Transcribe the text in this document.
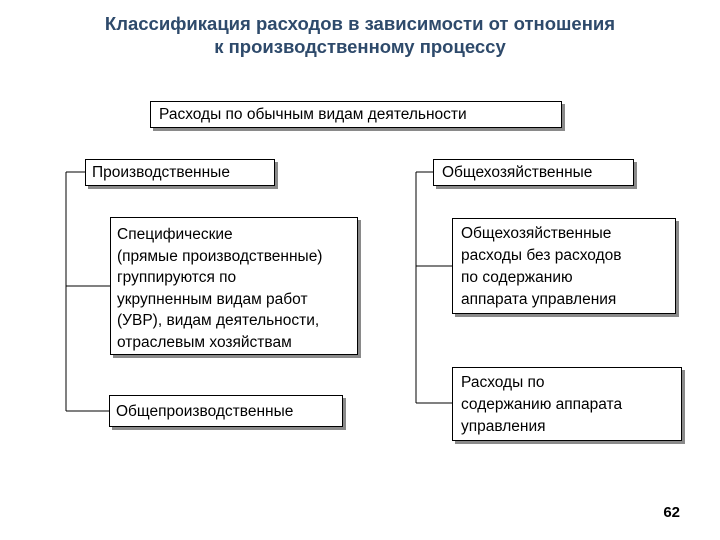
Классификация расходов в зависимости от отношения
к производственному процессу
Расходы по обычным видам деятельности
Производственные	Общехозяйственные
Специфические
(прямые производственные)
группируются по
укрупненным видам работ
(УВР), видам деятельности,
отраслевым хозяйствам
Общехозяйственные
расходы без расходов
по содержанию
аппарата управления
Общепроизводственные
Расходы по
содержанию аппарата
управления
62
